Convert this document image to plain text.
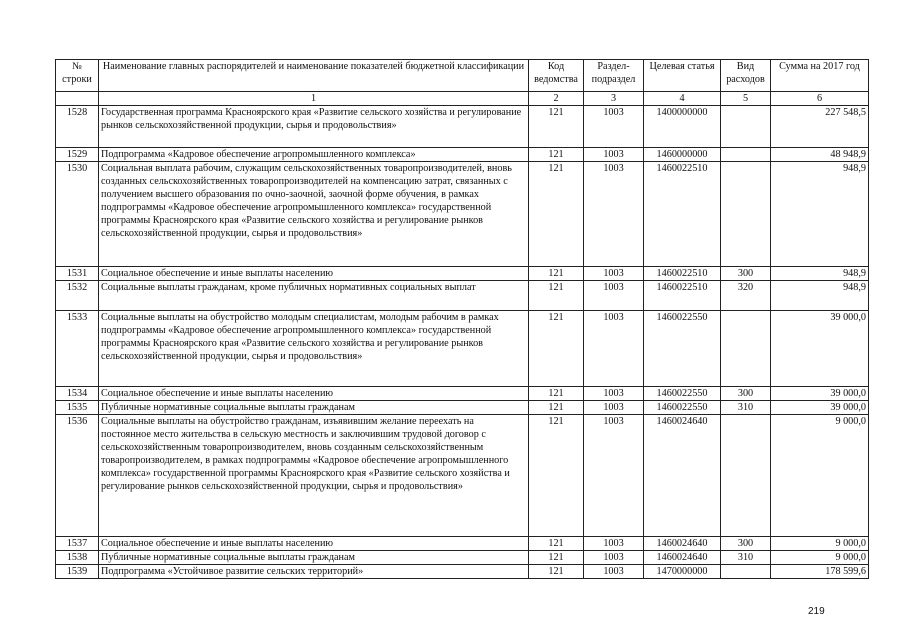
№ строки	Наименование главных распорядителей и наименование показателей бюджетной классификации	Код ведомства	Раздел-подраздел	Целевая статья	Вид расходов	Сумма на 2017 год
	1	2	3	4	5	6
1528	Государственная программа Красноярского края «Развитие сельского хозяйства и регулирование рынков сельскохозяйственной продукции, сырья и продовольствия»	121	1003	1400000000		227 548,5
1529	Подпрограмма «Кадровое обеспечение агропромышленного комплекса»	121	1003	1460000000		48 948,9
1530	Социальная выплата рабочим, служащим сельскохозяйственных товаропроизводителей, вновь созданных сельскохозяйственных товаропроизводителей на компенсацию затрат, связанных с получением высшего образования по очно-заочной, заочной форме обучения, в рамках подпрограммы «Кадровое обеспечение агропромышленного комплекса» государственной программы Красноярского края «Развитие сельского хозяйства и регулирование рынков сельскохозяйственной продукции, сырья и продовольствия»	121	1003	1460022510		948,9
1531	Социальное обеспечение и иные выплаты населению	121	1003	1460022510	300	948,9
1532	Социальные выплаты гражданам, кроме публичных нормативных социальных выплат	121	1003	1460022510	320	948,9
1533	Социальные выплаты на обустройство молодым специалистам, молодым рабочим в рамках подпрограммы «Кадровое обеспечение агропромышленного комплекса» государственной программы Красноярского края «Развитие сельского хозяйства и регулирование рынков сельскохозяйственной продукции, сырья и продовольствия»	121	1003	1460022550		39 000,0
1534	Социальное обеспечение и иные выплаты населению	121	1003	1460022550	300	39 000,0
1535	Публичные нормативные социальные выплаты гражданам	121	1003	1460022550	310	39 000,0
1536	Социальные выплаты на обустройство гражданам, изъявившим желание переехать на постоянное место жительства в сельскую местность и заключившим трудовой договор с сельскохозяйственным товаропроизводителем, вновь созданным сельскохозяйственным товаропроизводителем, в рамках подпрограммы «Кадровое обеспечение агропромышленного комплекса» государственной программы Красноярского края «Развитие сельского хозяйства и регулирование рынков сельскохозяйственной продукции, сырья и продовольствия»	121	1003	1460024640		9 000,0
1537	Социальное обеспечение и иные выплаты населению	121	1003	1460024640	300	9 000,0
1538	Публичные нормативные социальные выплаты гражданам	121	1003	1460024640	310	9 000,0
1539	Подпрограмма «Устойчивое развитие сельских территорий»	121	1003	1470000000		178 599,6
219
